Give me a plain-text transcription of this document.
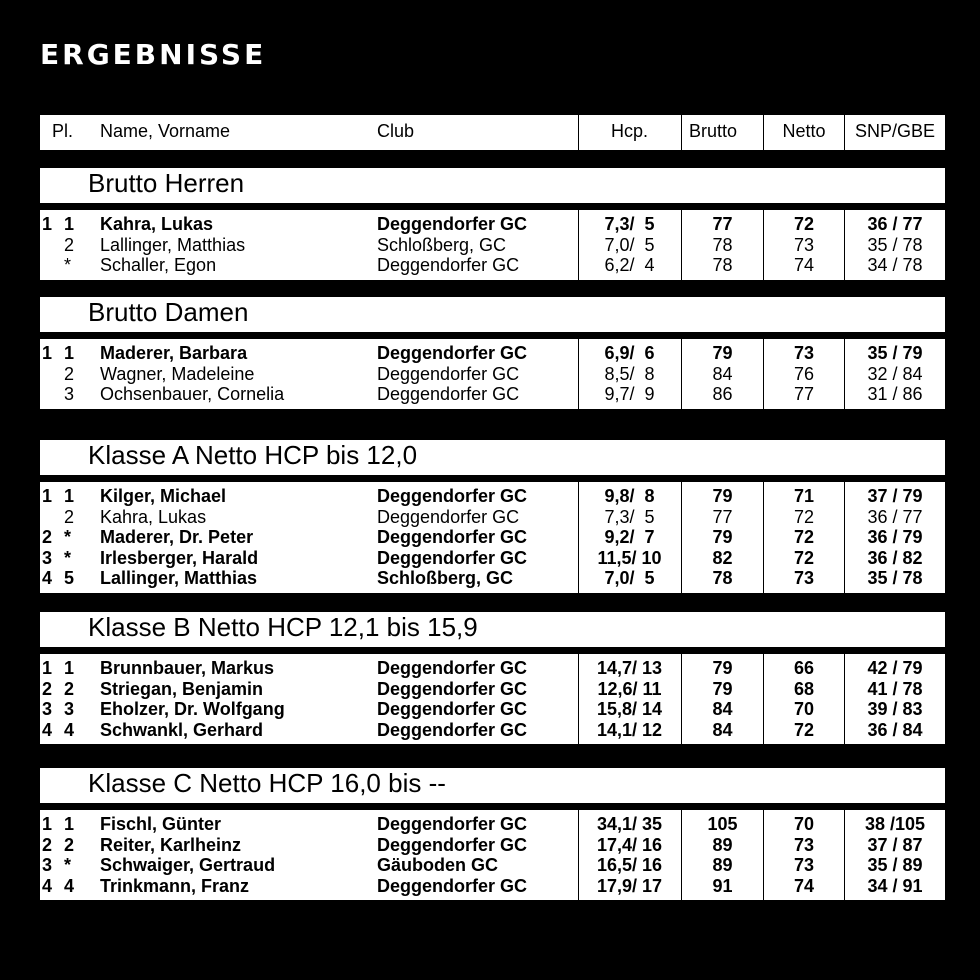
ERGEBNISSE
Pl. Name, Vorname	Club	Hcp.	Brutto	Netto	SNP/GBE
Brutto Herren
1 1 Kahra, Lukas	Deggendorfer GC	7,3/  5	77	72	36 / 77
2 Lallinger, Matthias	Schloßberg, GC	7,0/  5	78	73	35 / 78
* Schaller, Egon	Deggendorfer GC	6,2/  4	78	74	34 / 78
Brutto Damen
1 1 Maderer, Barbara	Deggendorfer GC	6,9/  6	79	73	35 / 79
2 Wagner, Madeleine	Deggendorfer GC	8,5/  8	84	76	32 / 84
3 Ochsenbauer, Cornelia	Deggendorfer GC	9,7/  9	86	77	31 / 86
Klasse A Netto HCP bis 12,0
1 1 Kilger, Michael	Deggendorfer GC	9,8/  8	79	71	37 / 79
2 Kahra, Lukas	Deggendorfer GC	7,3/  5	77	72	36 / 77
2 * Maderer, Dr. Peter	Deggendorfer GC	9,2/  7	79	72	36 / 79
3 * Irlesberger, Harald	Deggendorfer GC	11,5/ 10	82	72	36 / 82
4 5 Lallinger, Matthias	Schloßberg, GC	7,0/  5	78	73	35 / 78
Klasse B Netto HCP 12,1 bis 15,9
1 1 Brunnbauer, Markus	Deggendorfer GC	14,7/ 13	79	66	42 / 79
2 2 Striegan, Benjamin	Deggendorfer GC	12,6/ 11	79	68	41 / 78
3 3 Eholzer, Dr. Wolfgang	Deggendorfer GC	15,8/ 14	84	70	39 / 83
4 4 Schwankl, Gerhard	Deggendorfer GC	14,1/ 12	84	72	36 / 84
Klasse C Netto HCP 16,0 bis --
1 1 Fischl, Günter	Deggendorfer GC	34,1/ 35	105	70	38 /105
2 2 Reiter, Karlheinz	Deggendorfer GC	17,4/ 16	89	73	37 / 87
3 * Schwaiger, Gertraud	Gäuboden GC	16,5/ 16	89	73	35 / 89
4 4 Trinkmann, Franz	Deggendorfer GC	17,9/ 17	91	74	34 / 91
